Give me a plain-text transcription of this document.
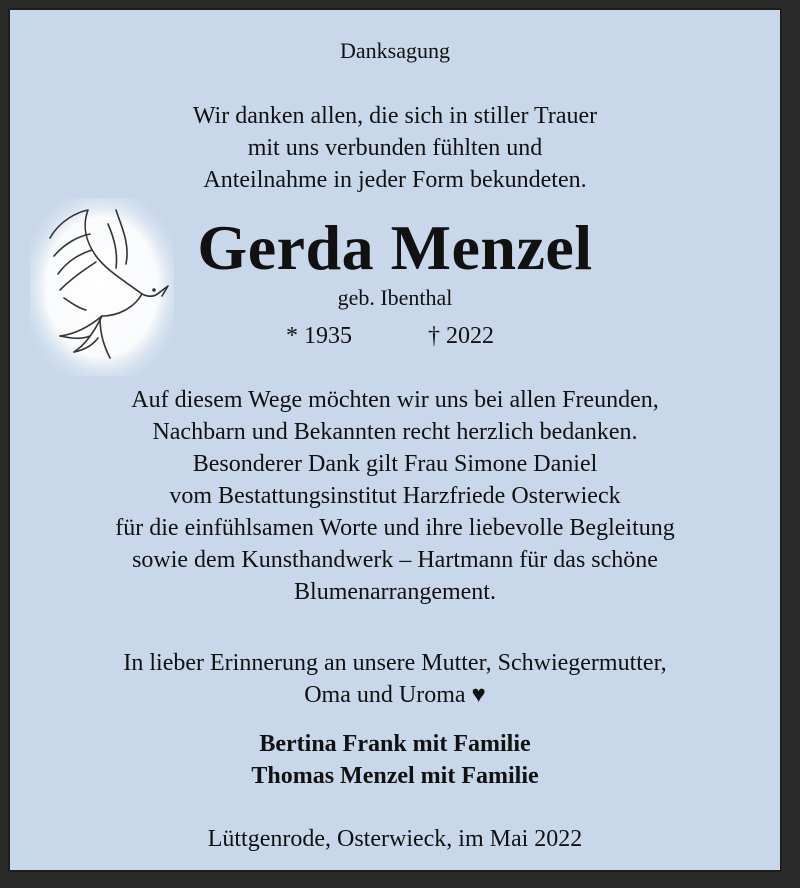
Danksagung
Wir danken allen, die sich in stiller Trauer
mit uns verbunden fühlten und
Anteilnahme in jeder Form bekundeten.
Gerda Menzel
geb. Ibenthal
* 1935	† 2022
Auf diesem Wege möchten wir uns bei allen Freunden,
Nachbarn und Bekannten recht herzlich bedanken.
Besonderer Dank gilt Frau Simone Daniel
vom Bestattungsinstitut Harzfriede Osterwieck
für die einfühlsamen Worte und ihre liebevolle Begleitung
sowie dem Kunsthandwerk – Hartmann für das schöne
Blumenarrangement.
In lieber Erinnerung an unsere Mutter, Schwiegermutter,
Oma und Uroma ♥
Bertina Frank mit Familie
Thomas Menzel mit Familie
Lüttgenrode, Osterwieck, im Mai 2022
